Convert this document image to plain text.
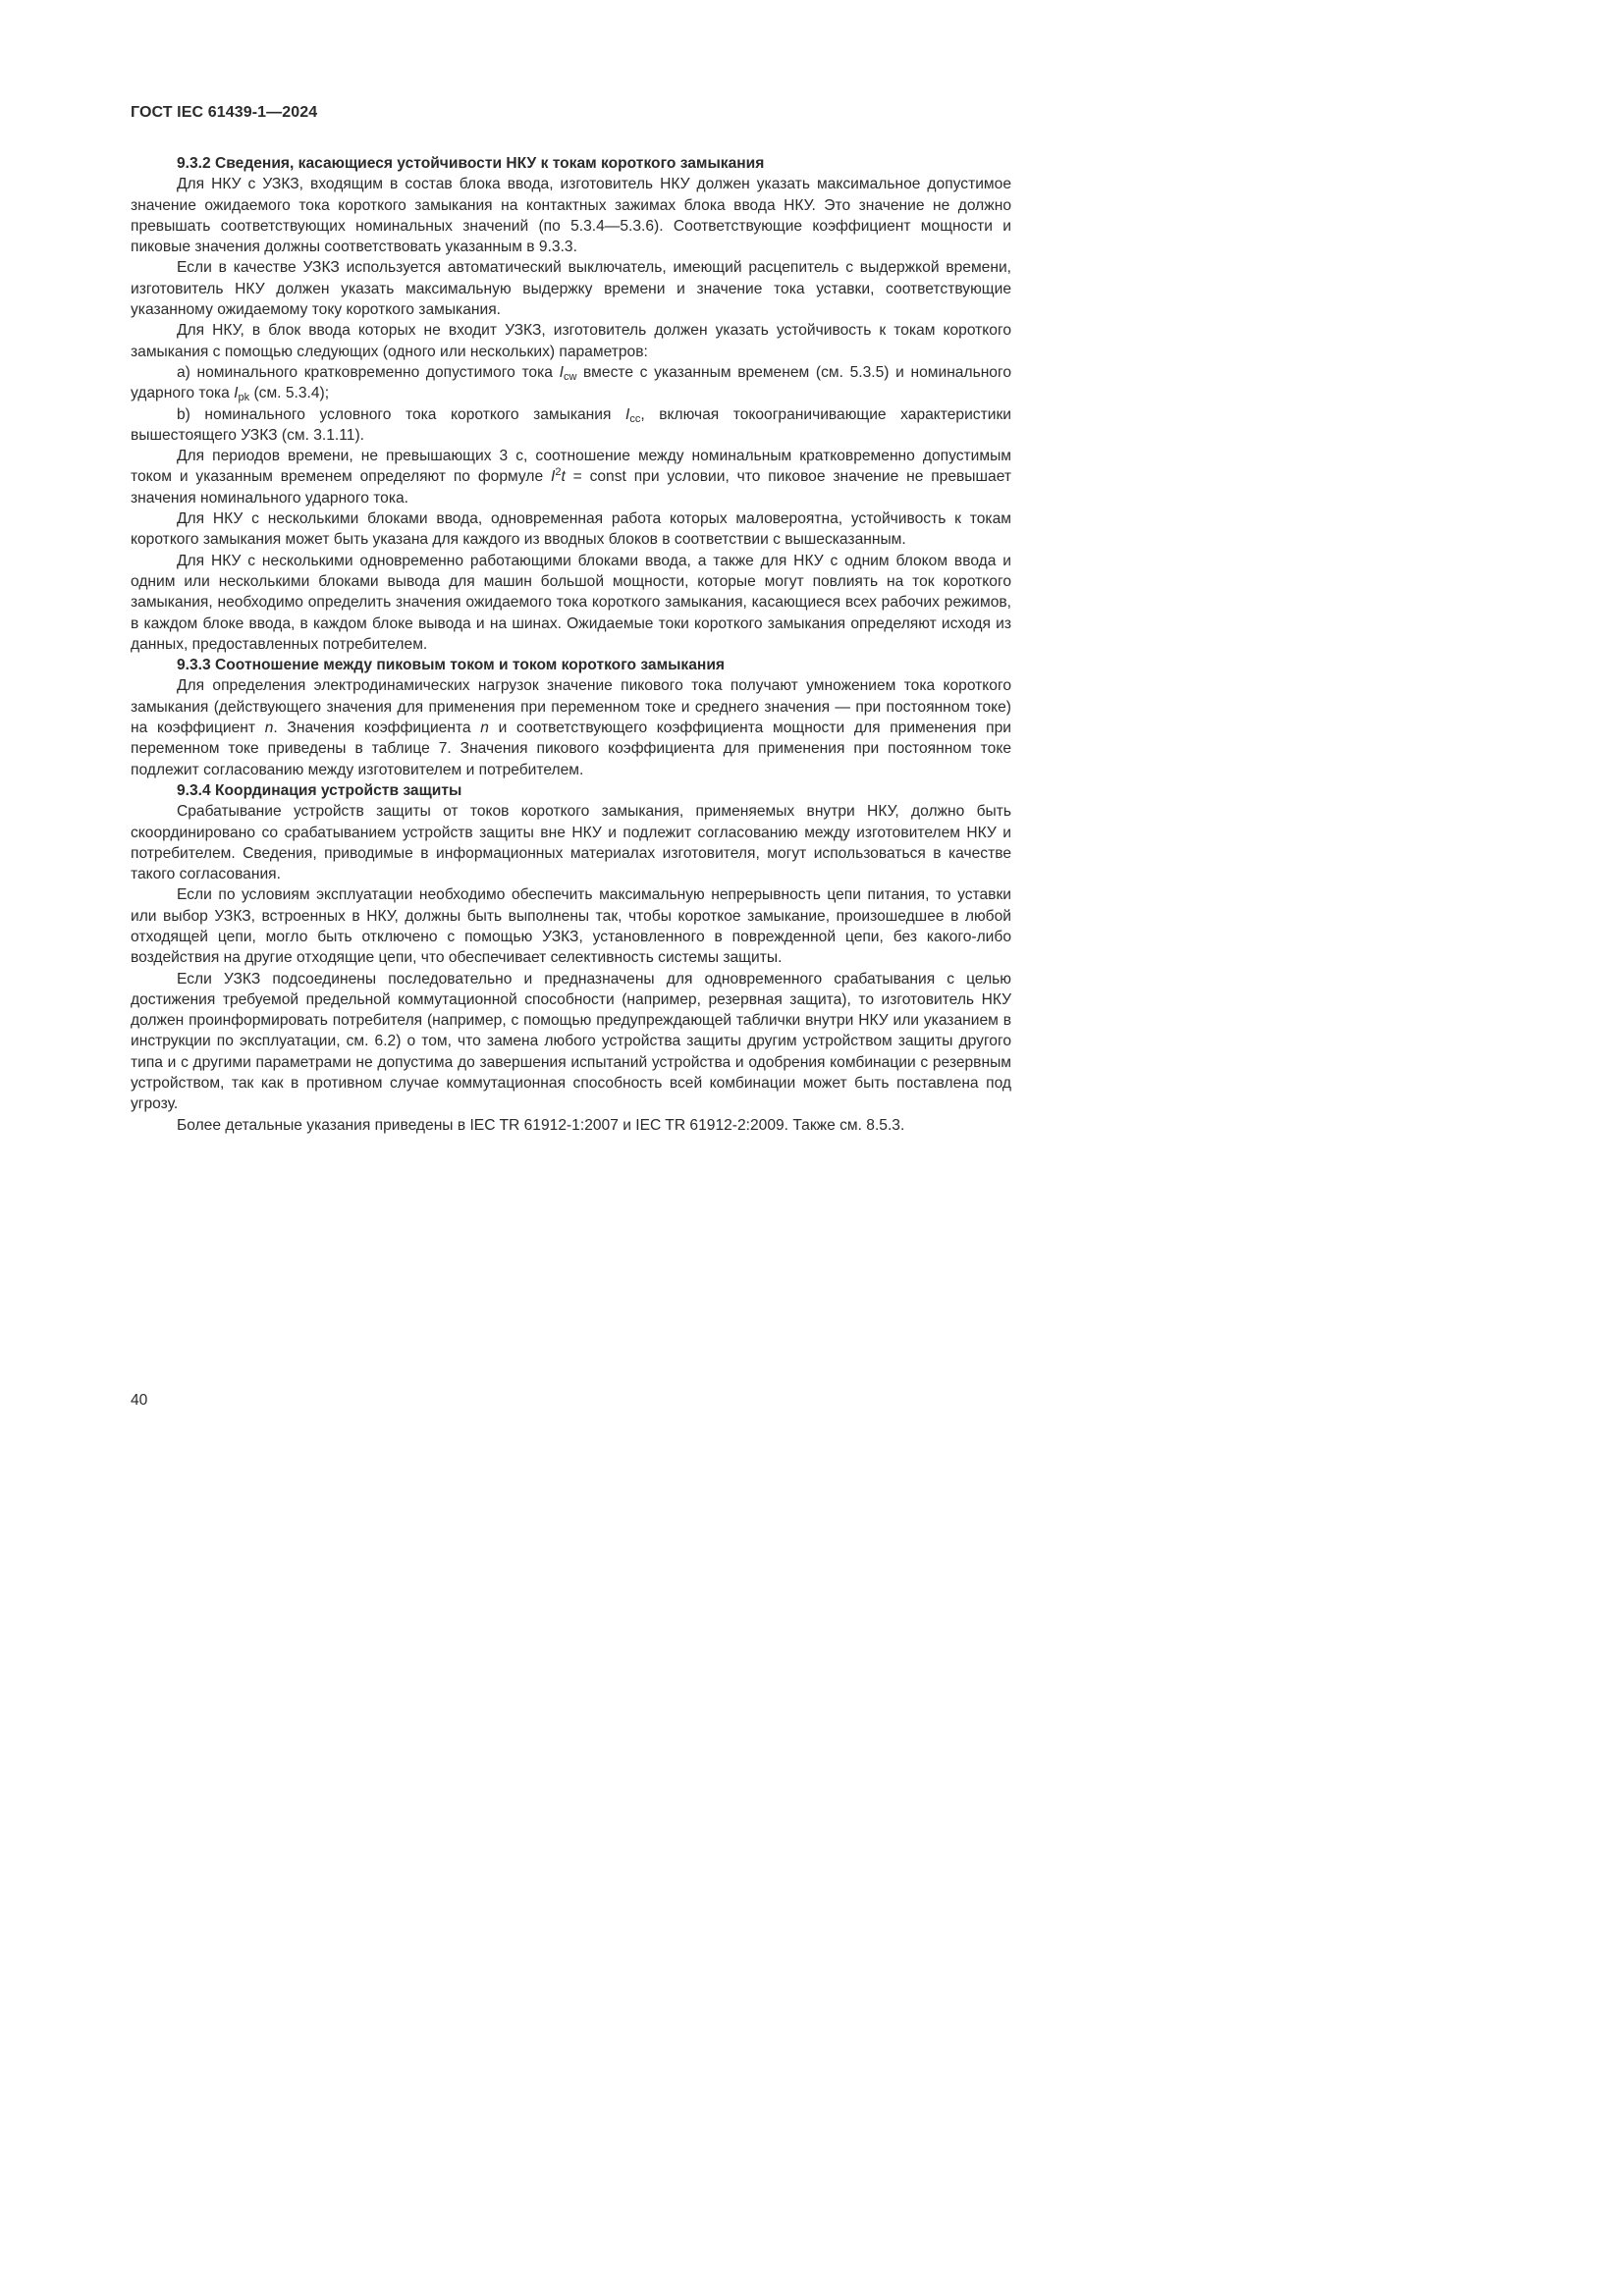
ГОСТ IEC 61439-1—2024

9.3.2 Сведения, касающиеся устойчивости НКУ к токам короткого замыкания

Для НКУ с УЗКЗ, входящим в состав блока ввода, изготовитель НКУ должен указать максимальное допустимое значение ожидаемого тока короткого замыкания на контактных зажимах блока ввода НКУ. Это значение не должно превышать соответствующих номинальных значений (по 5.3.4—5.3.6). Соответствующие коэффициент мощности и пиковые значения должны соответствовать указанным в 9.3.3.

Если в качестве УЗКЗ используется автоматический выключатель, имеющий расцепитель с выдержкой времени, изготовитель НКУ должен указать максимальную выдержку времени и значение тока уставки, соответствующие указанному ожидаемому току короткого замыкания.

Для НКУ, в блок ввода которых не входит УЗКЗ, изготовитель должен указать устойчивость к токам короткого замыкания с помощью следующих (одного или нескольких) параметров:

а) номинального кратковременно допустимого тока $I_{cw}$ вместе с указанным временем (см. 5.3.5) и номинального ударного тока $I_{pk}$ (см. 5.3.4);

b) номинального условного тока короткого замыкания $I_{cc}$, включая токоограничивающие характеристики вышестоящего УЗКЗ (см. 3.1.11).

Для периодов времени, не превышающих 3 с, соотношение между номинальным кратковременно допустимым током и указанным временем определяют по формуле $I^2t$ = const при условии, что пиковое значение не превышает значения номинального ударного тока.

Для НКУ с несколькими блоками ввода, одновременная работа которых маловероятна, устойчивость к токам короткого замыкания может быть указана для каждого из вводных блоков в соответствии с вышесказанным.

Для НКУ с несколькими одновременно работающими блоками ввода, а также для НКУ с одним блоком ввода и одним или несколькими блоками вывода для машин большой мощности, которые могут повлиять на ток короткого замыкания, необходимо определить значения ожидаемого тока короткого замыкания, касающиеся всех рабочих режимов, в каждом блоке ввода, в каждом блоке вывода и на шинах. Ожидаемые токи короткого замыкания определяют исходя из данных, предоставленных потребителем.

9.3.3 Соотношение между пиковым током и током короткого замыкания

Для определения электродинамических нагрузок значение пикового тока получают умножением тока короткого замыкания (действующего значения для применения при переменном токе и среднего значения — при постоянном токе) на коэффициент n. Значения коэффициента n и соответствующего коэффициента мощности для применения при переменном токе приведены в таблице 7. Значения пикового коэффициента для применения при постоянном токе подлежит согласованию между изготовителем и потребителем.

9.3.4 Координация устройств защиты

Срабатывание устройств защиты от токов короткого замыкания, применяемых внутри НКУ, должно быть скоординировано со срабатыванием устройств защиты вне НКУ и подлежит согласованию между изготовителем НКУ и потребителем. Сведения, приводимые в информационных материалах изготовителя, могут использоваться в качестве такого согласования.

Если по условиям эксплуатации необходимо обеспечить максимальную непрерывность цепи питания, то уставки или выбор УЗКЗ, встроенных в НКУ, должны быть выполнены так, чтобы короткое замыкание, произошедшее в любой отходящей цепи, могло быть отключено с помощью УЗКЗ, установленного в поврежденной цепи, без какого-либо воздействия на другие отходящие цепи, что обеспечивает селективность системы защиты.

Если УЗКЗ подсоединены последовательно и предназначены для одновременного срабатывания с целью достижения требуемой предельной коммутационной способности (например, резервная защита), то изготовитель НКУ должен проинформировать потребителя (например, с помощью предупреждающей таблички внутри НКУ или указанием в инструкции по эксплуатации, см. 6.2) о том, что замена любого устройства защиты другим устройством защиты другого типа и с другими параметрами не допустима до завершения испытаний устройства и одобрения комбинации с резервным устройством, так как в противном случае коммутационная способность всей комбинации может быть поставлена под угрозу.

Более детальные указания приведены в IEC TR 61912-1:2007 и IEC TR 61912-2:2009. Также см. 8.5.3.

40
